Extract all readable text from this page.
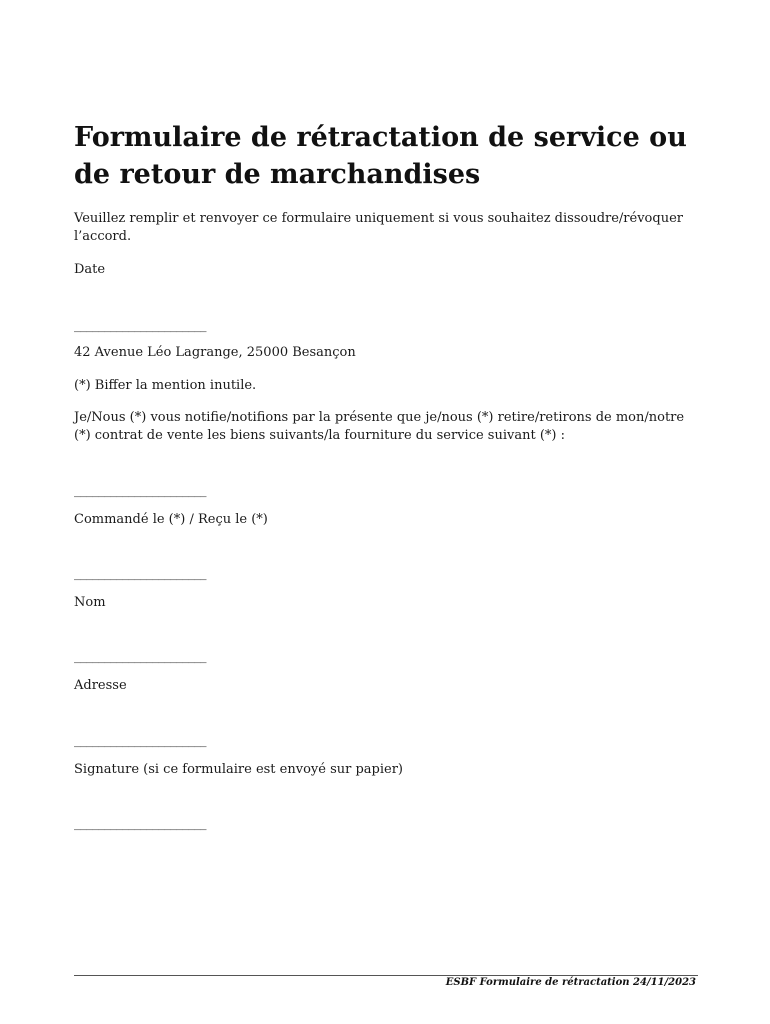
Formulaire de rétractation de service ou de retour de marchandises

Veuillez remplir et renvoyer ce formulaire uniquement si vous souhaitez dissoudre/révoquer l’accord.

Date

______________________

42 Avenue Léo Lagrange, 25000 Besançon

(*) Biffer la mention inutile.

Je/Nous (*) vous notifie/notifions par la présente que je/nous (*) retire/retirons de mon/notre (*) contrat de vente les biens suivants/la fourniture du service suivant (*) :

______________________

Commandé le (*) / Reçu le (*)

______________________

Nom

______________________

Adresse

______________________

Signature (si ce formulaire est envoyé sur papier)

______________________
ESBF Formulaire de rétractation 24/11/2023
